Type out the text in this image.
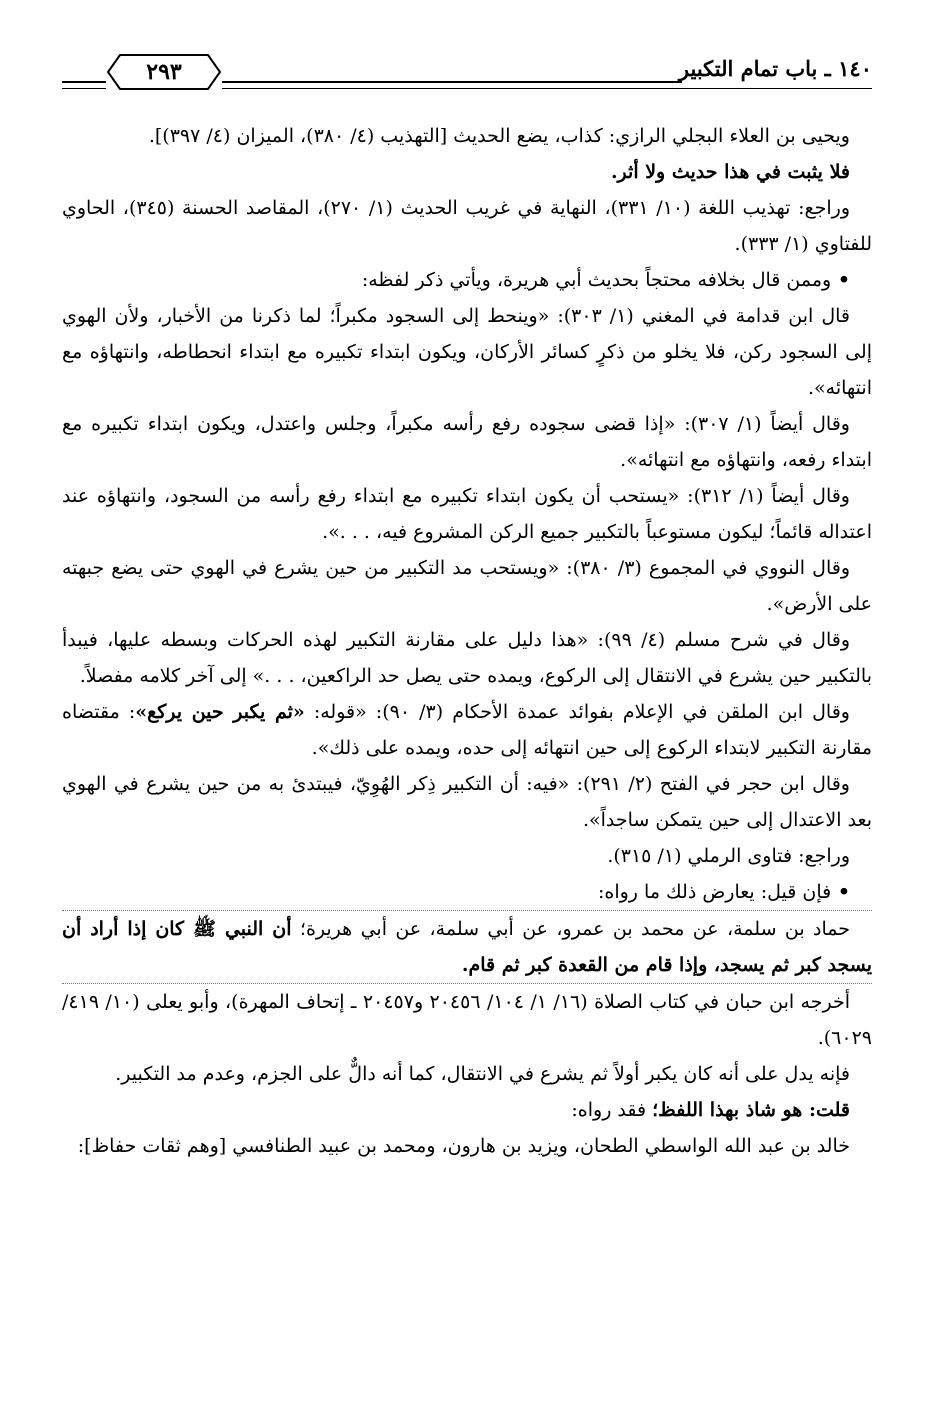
١٤٠ ـ باب تمام التكبير
٢٩٣

ويحيى بن العلاء البجلي الرازي: كذاب، يضع الحديث [التهذيب (٤/ ٣٨٠)، الميزان (٤/ ٣٩٧)].

فلا يثبت في هذا حديث ولا أثر.

وراجع: تهذيب اللغة (١٠/ ٣٣١)، النهاية في غريب الحديث (١/ ٢٧٠)، المقاصد الحسنة (٣٤٥)، الحاوي للفتاوي (١/ ٣٣٣).

• وممن قال بخلافه محتجاً بحديث أبي هريرة، ويأتي ذكر لفظه:

قال ابن قدامة في المغني (١/ ٣٠٣): «وينحط إلى السجود مكبراً؛ لما ذكرنا من الأخبار، ولأن الهوي إلى السجود ركن، فلا يخلو من ذكرٍ كسائر الأركان، ويكون ابتداء تكبيره مع ابتداء انحطاطه، وانتهاؤه مع انتهائه».

وقال أيضاً (١/ ٣٠٧): «إذا قضى سجوده رفع رأسه مكبراً، وجلس واعتدل، ويكون ابتداء تكبيره مع ابتداء رفعه، وانتهاؤه مع انتهائه».

وقال أيضاً (١/ ٣١٢): «يستحب أن يكون ابتداء تكبيره مع ابتداء رفع رأسه من السجود، وانتهاؤه عند اعتداله قائماً؛ ليكون مستوعباً بالتكبير جميع الركن المشروع فيه، . . .».

وقال النووي في المجموع (٣/ ٣٨٠): «ويستحب مد التكبير من حين يشرع في الهوي حتى يضع جبهته على الأرض».

وقال في شرح مسلم (٤/ ٩٩): «هذا دليل على مقارنة التكبير لهذه الحركات وبسطه عليها، فيبدأ بالتكبير حين يشرع في الانتقال إلى الركوع، ويمده حتى يصل حد الراكعين، . . .» إلى آخر كلامه مفصلاً.

وقال ابن الملقن في الإعلام بفوائد عمدة الأحكام (٣/ ٩٠): «قوله: «ثم يكبر حين يركع»: مقتضاه مقارنة التكبير لابتداء الركوع إلى حين انتهائه إلى حده، ويمده على ذلك».

وقال ابن حجر في الفتح (٢/ ٢٩١): «فيه: أن التكبير ذِكر الهُوِيّ، فيبتدئ به من حين يشرع في الهوي بعد الاعتدال إلى حين يتمكن ساجداً».

وراجع: فتاوى الرملي (١/ ٣١٥).

• فإن قيل: يعارض ذلك ما رواه:

حماد بن سلمة، عن محمد بن عمرو، عن أبي سلمة، عن أبي هريرة؛ أن النبي ﷺ كان إذا أراد أن يسجد كبر ثم يسجد، وإذا قام من القعدة كبر ثم قام.

أخرجه ابن حبان في كتاب الصلاة (١٦/ ١/ ١٠٤/ ٢٠٤٥٦ و٢٠٤٥٧ ـ إتحاف المهرة)، وأبو يعلى (١٠/ ٤١٩/ ٦٠٢٩).

فإنه يدل على أنه كان يكبر أولاً ثم يشرع في الانتقال، كما أنه دالٌّ على الجزم، وعدم مد التكبير.

قلت: هو شاذ بهذا اللفظ؛ فقد رواه:

خالد بن عبد الله الواسطي الطحان، ويزيد بن هارون، ومحمد بن عبيد الطنافسي [وهم ثقات حفاظ]:
